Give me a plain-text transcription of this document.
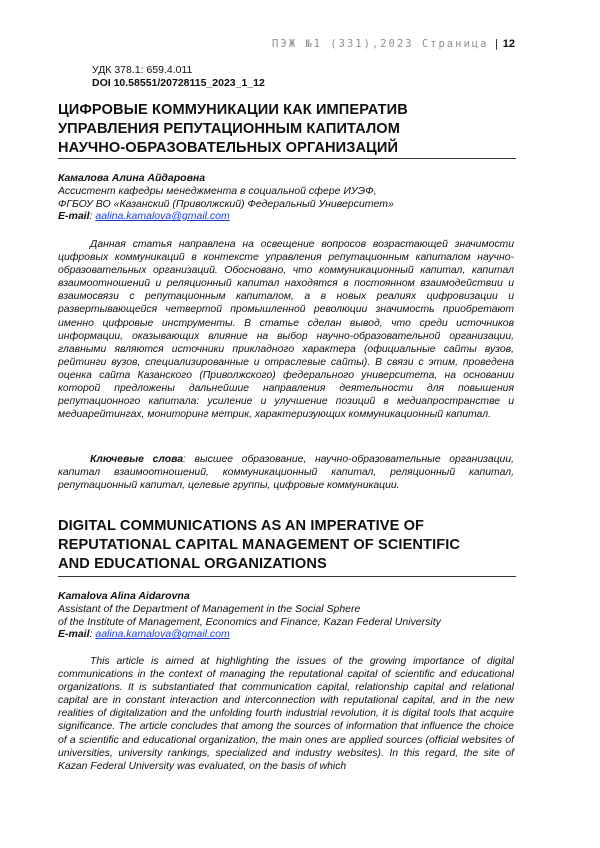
ПЭЖ №1 (331),2023 Страница | 12
УДК 378.1: 659.4.011
DOI 10.58551/20728115_2023_1_12
ЦИФРОВЫЕ КОММУНИКАЦИИ КАК ИМПЕРАТИВ
УПРАВЛЕНИЯ РЕПУТАЦИОННЫМ КАПИТАЛОМ
НАУЧНО-ОБРАЗОВАТЕЛЬНЫХ ОРГАНИЗАЦИЙ
Камалова Алина Айдаровна
Ассистент кафедры менеджмента в социальной сфере ИУЭФ,
ФГБОУ ВО «Казанский (Приволжский) Федеральный Университет»
E-mail: aalina.kamalova@gmail.com

Данная статья направлена на освещение вопросов возрастающей значимости цифровых коммуникаций в контексте управления репутационным капиталом научно-образовательных организаций. Обосновано, что коммуникационный капитал, капитал взаимоотношений и реляционный капитал находятся в постоянном взаимодействии и взаимосвязи с репутационным капиталом, а в новых реалиях цифровизации и развертывающейся четвертой промышленной революции значимость приобретают именно цифровые инструменты. В статье сделан вывод, что среди источников информации, оказывающих влияние на выбор научно-образовательной организации, главными являются источники прикладного характера (официальные сайты вузов, рейтинги вузов, специализированные и отраслевые сайты). В связи с этим, проведена оценка сайта Казанского (Приволжского) федерального университета, на основании которой предложены дальнейшие направления деятельности для повышения репутационного капитала: усиление и улучшение позиций в медиапространстве и медиарейтингах, мониторинг метрик, характеризующих коммуникационный капитал.

Ключевые слова: высшее образование, научно-образовательные организации, капитал взаимоотношений, коммуникационный капитал, реляционный капитал, репутационный капитал, целевые группы, цифровые коммуникации.

DIGITAL COMMUNICATIONS AS AN IMPERATIVE OF
REPUTATIONAL CAPITAL MANAGEMENT OF SCIENTIFIC
AND EDUCATIONAL ORGANIZATIONS
Kamalova Alina Aidarovna
Assistant of the Department of Management in the Social Sphere
of the Institute of Management, Economics and Finance, Kazan Federal University
E-mail: aalina.kamalova@gmail.com

This article is aimed at highlighting the issues of the growing importance of digital communications in the context of managing the reputational capital of scientific and educational organizations. It is substantiated that communication capital, relationship capital and relational capital are in constant interaction and interconnection with reputational capital, and in the new realities of digitalization and the unfolding fourth industrial revolution, it is digital tools that acquire significance. The article concludes that among the sources of information that influence the choice of a scientific and educational organization, the main ones are applied sources (official websites of universities, university rankings, specialized and industry websites). In this regard, the site of Kazan Federal University was evaluated, on the basis of which
